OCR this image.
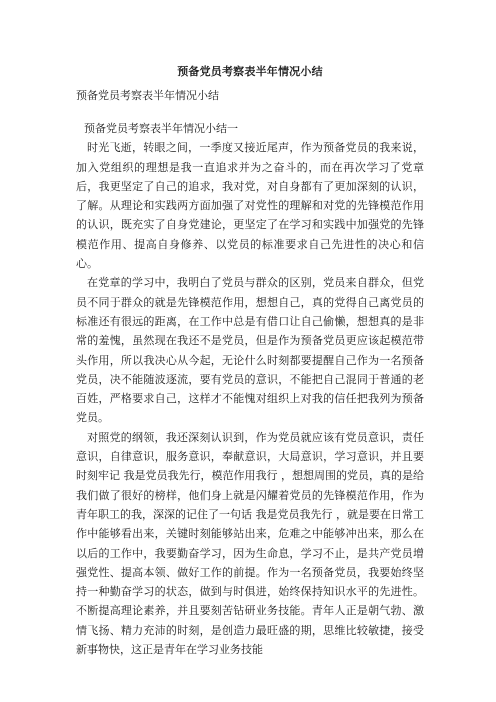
预备党员考察表半年情况小结
预备党员考察表半年情况小结

预备党员考察表半年情况小结一

时光飞逝，转眼之间，一季度又接近尾声，作为预备党员的我来说，加入党组织的理想是我一直追求并为之奋斗的，而在再次学习了党章后，我更坚定了自己的追求，我对党，对自身都有了更加深刻的认识，了解。从理论和实践两方面加强了对党性的理解和对党的先锋模范作用的认识，既充实了自身党建论，更坚定了在学习和实践中加强党的先锋模范作用、提高自身修养、以党员的标准要求自己先进性的决心和信心。

在党章的学习中，我明白了党员与群众的区别，党员来自群众，但党员不同于群众的就是先锋模范作用，想想自己，真的党得自己离党员的标准还有很远的距离，在工作中总是有借口让自己偷懒，想想真的是非常的羞愧，虽然现在我还不是党员，但是作为预备党员更应该起模范带头作用，所以我决心从今起，无论什么时刻都要提醒自己作为一名预备党员，决不能随波逐流，要有党员的意识，不能把自己混同于普通的老百姓，严格要求自己，这样才不能愧对组织上对我的信任把我列为预备党员。

对照党的纲领，我还深刻认识到，作为党员就应该有党员意识，责任意识，自律意识，服务意识，奉献意识，大局意识，学习意识，并且要时刻牢记 我是党员我先行，模范作用我行 ，想想周围的党员，真的是给我们做了很好的榜样，他们身上就是闪耀着党员的先锋模范作用，作为青年职工的我，深深的记住了一句话 我是党员我先行 ，就是要在日常工作中能够看出来，关键时刻能够站出来，危难之中能够冲出来，那么在以后的工作中，我要勤奋学习，因为生命息，学习不止，是共产党员增强党性、提高本领、做好工作的前提。作为一名预备党员，我要始终坚持一种勤奋学习的状态，做到与时俱进，始终保持知识水平的先进性。不断提高理论素养，并且要刻苦钻研业务技能。青年人正是朝气勃、激情飞扬、精力充沛的时刻，是创造力最旺盛的期，思维比较敏捷，接受新事物快，这正是青年在学习业务技能
